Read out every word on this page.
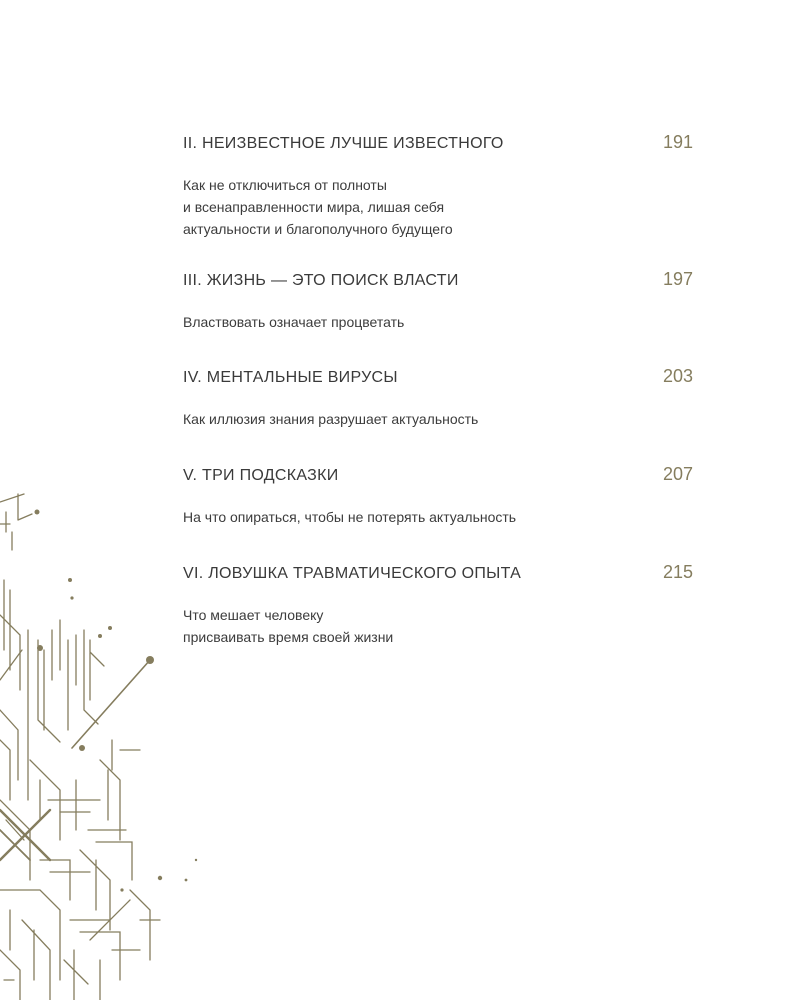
II. НЕИЗВЕСТНОЕ ЛУЧШЕ ИЗВЕСТНОГО	191
Как не отключиться от полноты
и всенаправленности мира, лишая себя
актуальности и благополучного будущего
III. ЖИЗНЬ — ЭТО ПОИСК ВЛАСТИ	197
Властвовать означает процветать
IV. МЕНТАЛЬНЫЕ ВИРУСЫ	203
Как иллюзия знания разрушает актуальность
V. ТРИ ПОДСКАЗКИ	207
На что опираться, чтобы не потерять актуальность
VI. ЛОВУШКА ТРАВМАТИЧЕСКОГО ОПЫТА	215
Что мешает человеку
присваивать время своей жизни
